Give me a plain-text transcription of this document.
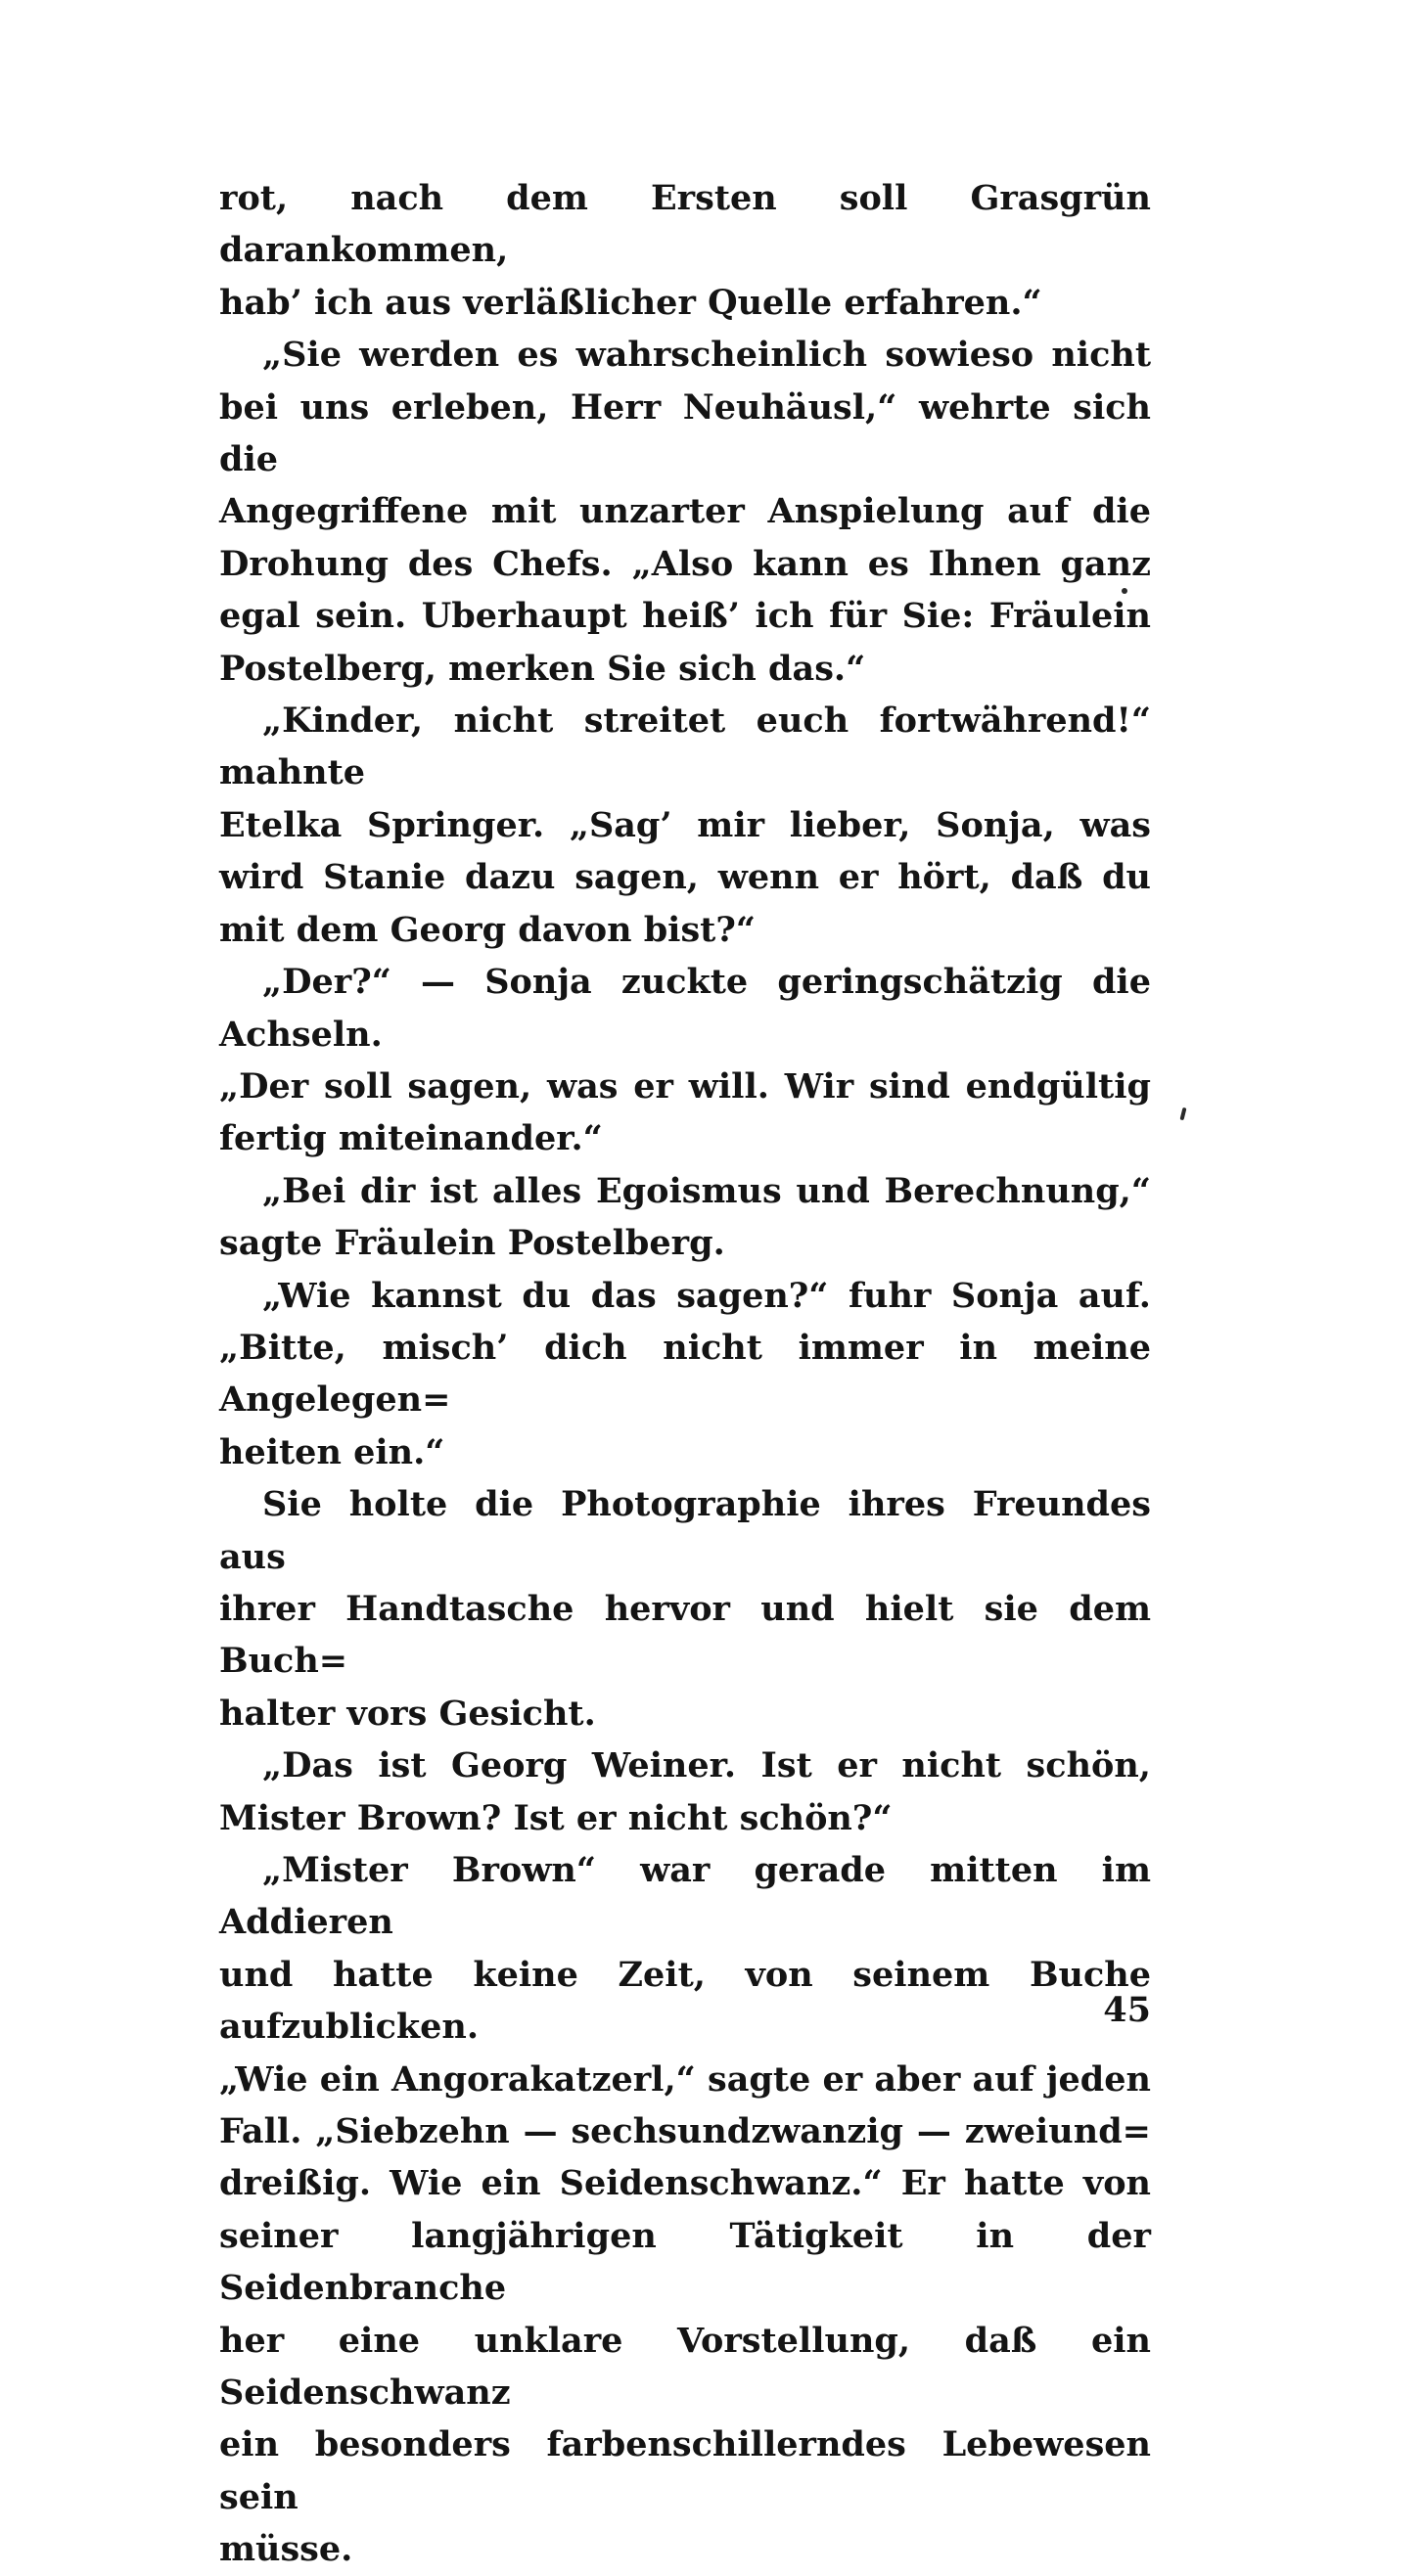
rot, nach dem Ersten soll Grasgrün darankommen,
hab’ ich aus verläßlicher Quelle erfahren.“
„Sie werden es wahrscheinlich sowieso nicht
bei uns erleben, Herr Neuhäusl,“ wehrte sich die
Angegriffene mit unzarter Anspielung auf die
Drohung des Chefs. „Also kann es Ihnen ganz
egal sein. Uberhaupt heiß’ ich für Sie: Fräulein
Postelberg, merken Sie sich das.“
„Kinder, nicht streitet euch fortwährend!“ mahnte
Etelka Springer. „Sag’ mir lieber, Sonja, was
wird Stanie dazu sagen, wenn er hört, daß du
mit dem Georg davon bist?“
„Der?“ — Sonja zuckte geringschätzig die Achseln.
„Der soll sagen, was er will. Wir sind endgültig
fertig miteinander.“
„Bei dir ist alles Egoismus und Berechnung,“
sagte Fräulein Postelberg.
„Wie kannst du das sagen?“ fuhr Sonja auf.
„Bitte, misch’ dich nicht immer in meine Angelegen=
heiten ein.“
Sie holte die Photographie ihres Freundes aus
ihrer Handtasche hervor und hielt sie dem Buch=
halter vors Gesicht.
„Das ist Georg Weiner. Ist er nicht schön,
Mister Brown? Ist er nicht schön?“
„Mister Brown“ war gerade mitten im Addieren
und hatte keine Zeit, von seinem Buche aufzublicken.
„Wie ein Angorakatzerl,“ sagte er aber auf jeden
Fall. „Siebzehn — sechsundzwanzig — zweiund=
dreißig. Wie ein Seidenschwanz.“ Er hatte von
seiner langjährigen Tätigkeit in der Seidenbranche
her eine unklare Vorstellung, daß ein Seidenschwanz
ein besonders farbenschillerndes Lebewesen sein
müsse.
45
